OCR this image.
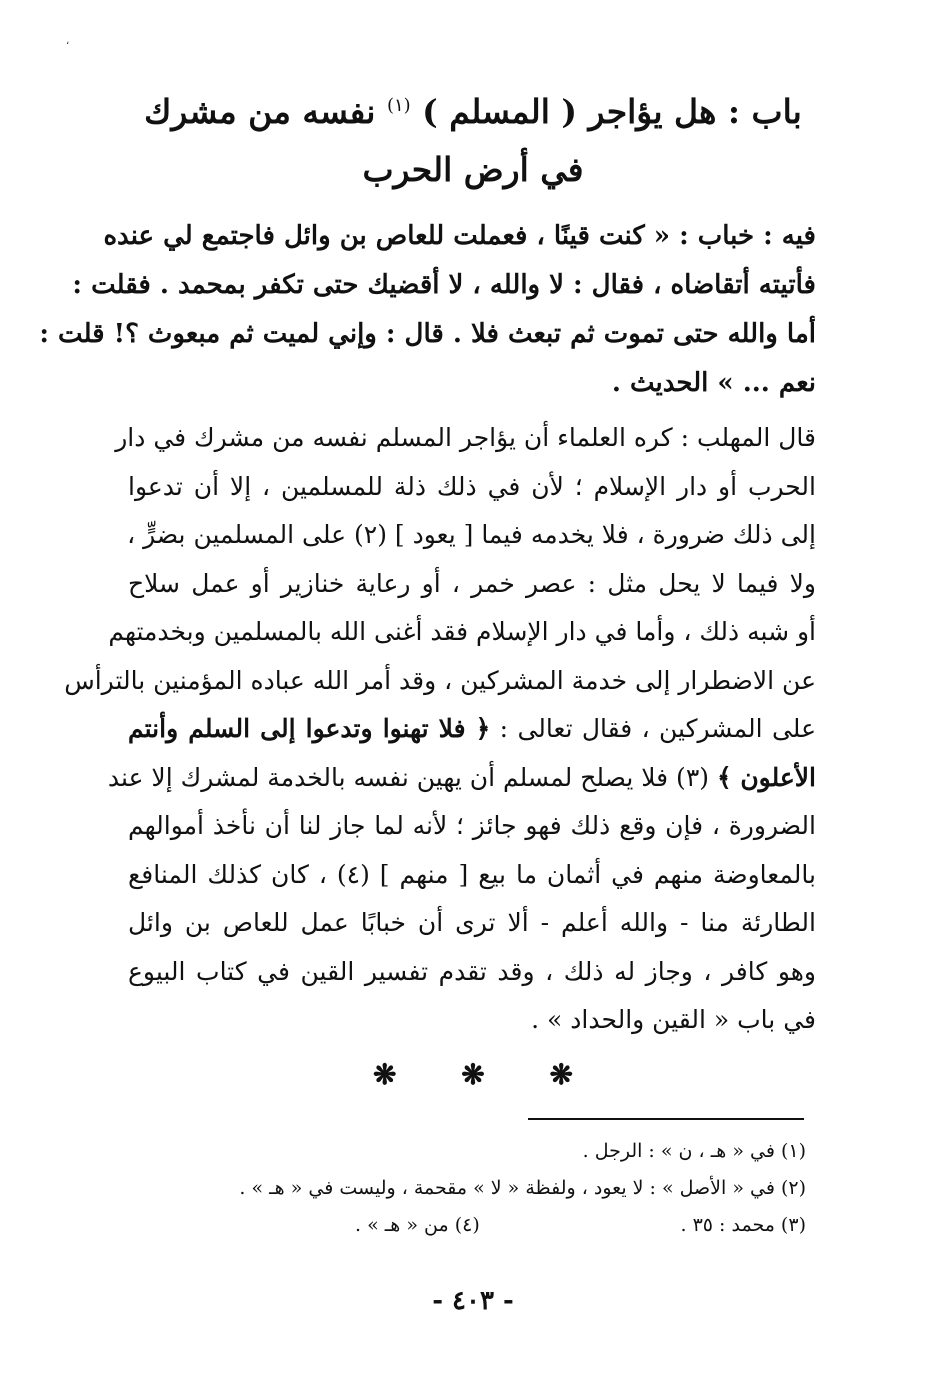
،
باب : هل يؤاجر ( المسلم ) $^{(١)}$ نفسه من مشرك
في أرض الحرب
فيه : خباب : « كنت قينًا ، فعملت للعاص بن وائل فاجتمع لي عنده
فأتيته أتقاضاه ، فقال : لا والله ، لا أقضيك حتى تكفر بمحمد . فقلت :
أما والله حتى تموت ثم تبعث فلا . قال : وإني لميت ثم مبعوث ؟! قلت :
نعم ... » الحديث .
قال المهلب : كره العلماء أن يؤاجر المسلم نفسه من مشرك في دار
الحرب أو دار الإسلام ؛ لأن في ذلك ذلة للمسلمين ، إلا أن تدعوا
إلى ذلك ضرورة ، فلا يخدمه فيما [ يعود ] (٢) على المسلمين بضرٍّ ،
ولا فيما لا يحل مثل : عصر خمر ، أو رعاية خنازير أو عمل سلاح
أو شبه ذلك ، وأما في دار الإسلام فقد أغنى الله بالمسلمين وبخدمتهم
عن الاضطرار إلى خدمة المشركين ، وقد أمر الله عباده المؤمنين بالترأس
على المشركين ، فقال تعالى : ﴿ فلا تهنوا وتدعوا إلى السلم وأنتم
الأعلون ﴾ (٣) فلا يصلح لمسلم أن يهين نفسه بالخدمة لمشرك إلا عند
الضرورة ، فإن وقع ذلك فهو جائز ؛ لأنه لما جاز لنا أن نأخذ أموالهم
بالمعاوضة منهم في أثمان ما بيع [ منهم ] (٤) ، كان كذلك المنافع
الطارئة منا - والله أعلم - ألا ترى أن خبابًا عمل للعاص بن وائل
وهو كافر ، وجاز له ذلك ، وقد تقدم تفسير القين في كتاب البيوع
في باب « القين والحداد » .
❋ ❋ ❋
(١) في « هـ ، ن » : الرجل .
(٢) في « الأصل » : لا يعود ، ولفظة « لا » مقحمة ، وليست في « هـ » .
(٣) محمد : ٣٥ .
(٤) من « هـ » .
- ٤٠٣ -
